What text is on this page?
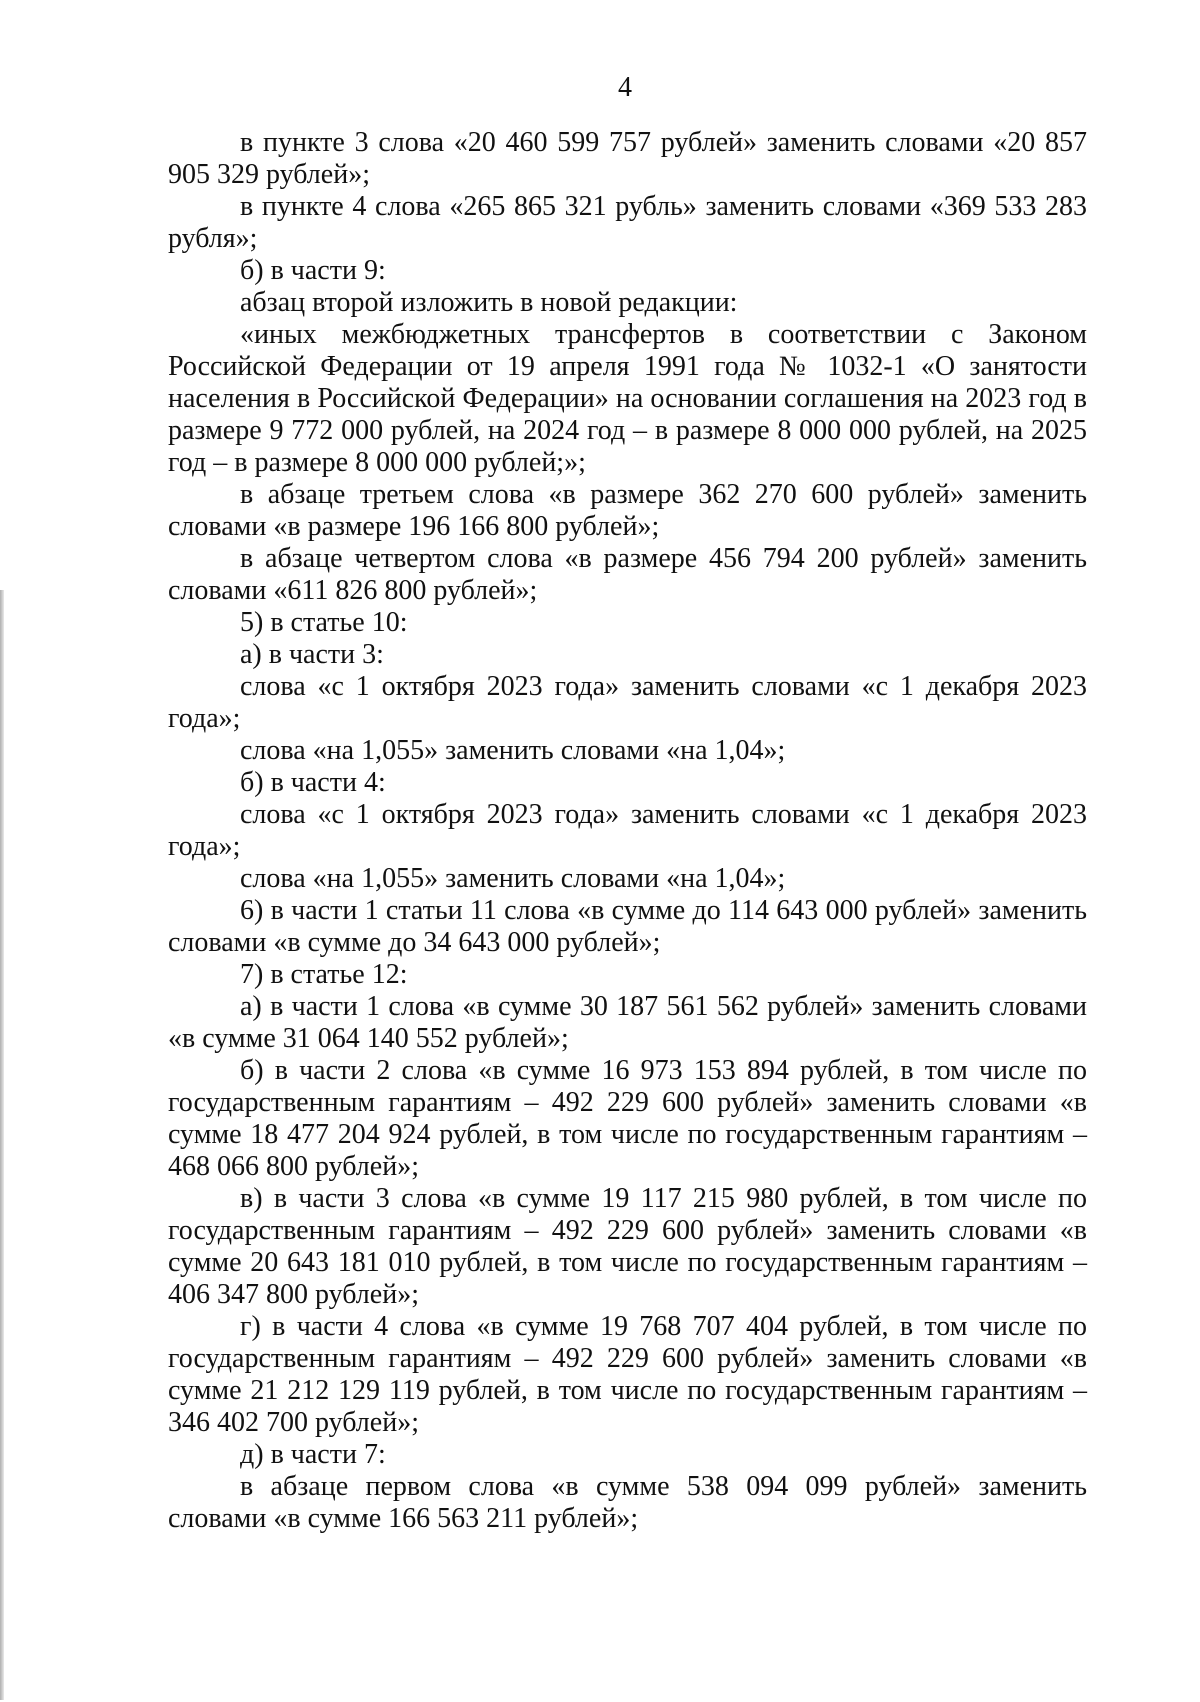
4

в пункте 3 слова «20 460 599 757 рублей» заменить словами «20 857 905 329 рублей»;

в пункте 4 слова «265 865 321 рубль» заменить словами «369 533 283 рубля»;

б) в части 9:

абзац второй изложить в новой редакции:

«иных межбюджетных трансфертов в соответствии с Законом Российской Федерации от 19 апреля 1991 года № 1032-1 «О занятости населения в Российской Федерации» на основании соглашения на 2023 год в размере 9 772 000 рублей, на 2024 год – в размере 8 000 000 рублей, на 2025 год – в размере 8 000 000 рублей;»;

в абзаце третьем слова «в размере 362 270 600 рублей» заменить словами «в размере 196 166 800 рублей»;

в абзаце четвертом слова «в размере 456 794 200 рублей» заменить словами «611 826 800 рублей»;

5) в статье 10:

а) в части 3:

слова «с 1 октября 2023 года» заменить словами «с 1 декабря 2023 года»;

слова «на 1,055» заменить словами «на 1,04»;

б) в части 4:

слова «с 1 октября 2023 года» заменить словами «с 1 декабря 2023 года»;

слова «на 1,055» заменить словами «на 1,04»;

6) в части 1 статьи 11 слова «в сумме до 114 643 000 рублей» заменить словами «в сумме до 34 643 000 рублей»;

7) в статье 12:

а) в части 1 слова «в сумме 30 187 561 562 рублей» заменить словами «в сумме 31 064 140 552 рублей»;

б) в части 2 слова «в сумме 16 973 153 894 рублей, в том числе по государственным гарантиям – 492 229 600 рублей» заменить словами «в сумме 18 477 204 924 рублей, в том числе по государственным гарантиям – 468 066 800 рублей»;

в) в части 3 слова «в сумме 19 117 215 980 рублей, в том числе по государственным гарантиям – 492 229 600 рублей» заменить словами «в сумме 20 643 181 010 рублей, в том числе по государственным гарантиям – 406 347 800 рублей»;

г) в части 4 слова «в сумме 19 768 707 404 рублей, в том числе по государственным гарантиям – 492 229 600 рублей» заменить словами «в сумме 21 212 129 119 рублей, в том числе по государственным гарантиям – 346 402 700 рублей»;

д) в части 7:

в абзаце первом слова «в сумме 538 094 099 рублей» заменить словами «в сумме 166 563 211 рублей»;
